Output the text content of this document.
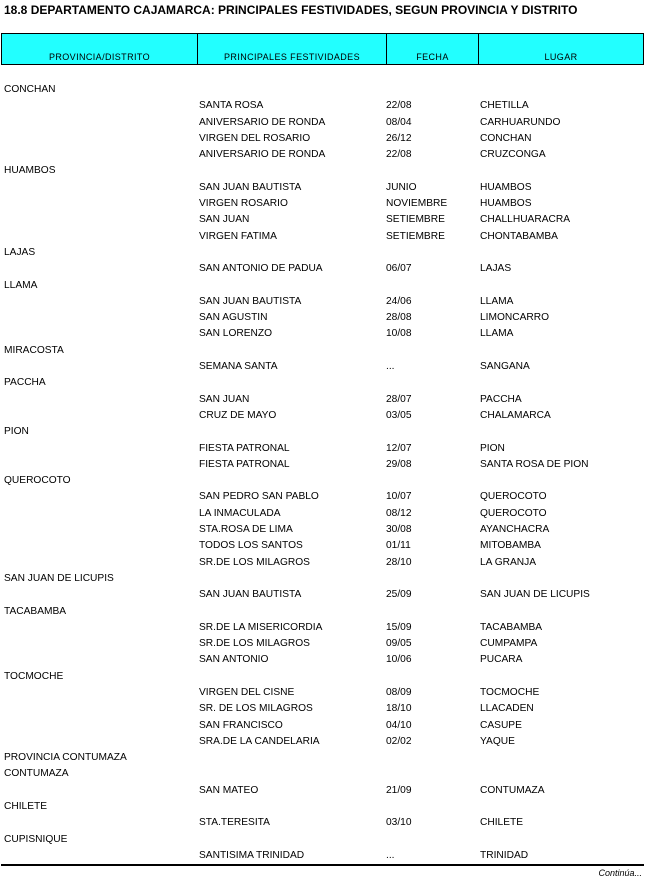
18.8 DEPARTAMENTO CAJAMARCA: PRINCIPALES FESTIVIDADES, SEGUN PROVINCIA Y DISTRITO
PROVINCIA/DISTRITO	PRINCIPALES FESTIVIDADES	FECHA	LUGAR
CONCHAN
SANTA ROSA	22/08	CHETILLA
ANIVERSARIO DE RONDA	08/04	CARHUARUNDO
VIRGEN DEL ROSARIO	26/12	CONCHAN
ANIVERSARIO DE RONDA	22/08	CRUZCONGA
HUAMBOS
SAN JUAN BAUTISTA	JUNIO	HUAMBOS
VIRGEN ROSARIO	NOVIEMBRE	HUAMBOS
SAN JUAN	SETIEMBRE	CHALLHUARACRA
VIRGEN FATIMA	SETIEMBRE	CHONTABAMBA
LAJAS
SAN ANTONIO DE PADUA	06/07	LAJAS
LLAMA
SAN JUAN BAUTISTA	24/06	LLAMA
SAN AGUSTIN	28/08	LIMONCARRO
SAN LORENZO	10/08	LLAMA
MIRACOSTA
SEMANA SANTA	...	SANGANA
PACCHA
SAN JUAN	28/07	PACCHA
CRUZ DE MAYO	03/05	CHALAMARCA
PION
FIESTA PATRONAL	12/07	PION
FIESTA PATRONAL	29/08	SANTA ROSA DE PION
QUEROCOTO
SAN PEDRO SAN PABLO	10/07	QUEROCOTO
LA INMACULADA	08/12	QUEROCOTO
STA.ROSA DE LIMA	30/08	AYANCHACRA
TODOS LOS SANTOS	01/11	MITOBAMBA
SR.DE LOS MILAGROS	28/10	LA GRANJA
SAN JUAN DE LICUPIS
SAN JUAN BAUTISTA	25/09	SAN JUAN DE LICUPIS
TACABAMBA
SR.DE LA MISERICORDIA	15/09	TACABAMBA
SR.DE LOS MILAGROS	09/05	CUMPAMPA
SAN ANTONIO	10/06	PUCARA
TOCMOCHE
VIRGEN DEL CISNE	08/09	TOCMOCHE
SR. DE LOS MILAGROS	18/10	LLACADEN
SAN FRANCISCO	04/10	CASUPE
SRA.DE LA CANDELARIA	02/02	YAQUE
PROVINCIA CONTUMAZA
CONTUMAZA
SAN MATEO	21/09	CONTUMAZA
CHILETE
STA.TERESITA	03/10	CHILETE
CUPISNIQUE
SANTISIMA TRINIDAD	...	TRINIDAD
Continúa...
